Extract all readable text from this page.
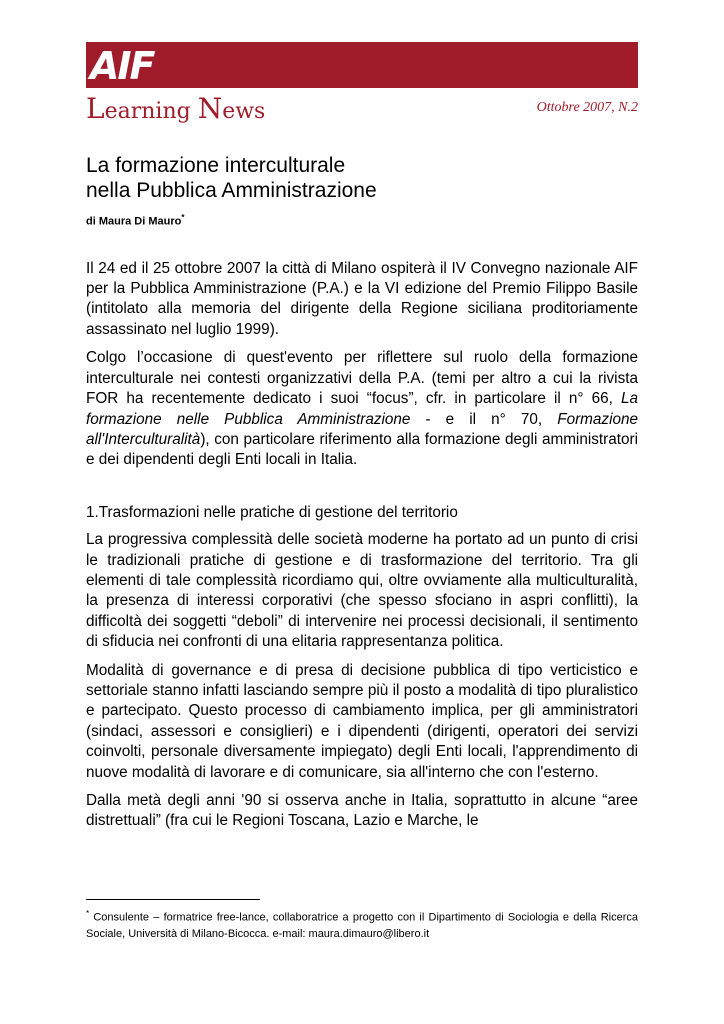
AIF
Learning News	Ottobre 2007, N.2
La formazione interculturale
nella Pubblica Amministrazione
di Maura Di Mauro*

Il 24 ed il 25 ottobre 2007 la città di Milano ospiterà il IV Convegno nazionale AIF per la Pubblica Amministrazione (P.A.) e la VI edizione del Premio Filippo Basile (intitolato alla memoria del dirigente della Regione siciliana proditoriamente assassinato nel luglio 1999).

Colgo l’occasione di quest'evento per riflettere sul ruolo della formazione interculturale nei contesti organizzativi della P.A. (temi per altro a cui la rivista FOR ha recentemente dedicato i suoi “focus”, cfr. in particolare il n° 66, La formazione nelle Pubblica Amministrazione - e il n° 70, Formazione all'Interculturalità), con particolare riferimento alla formazione degli amministratori e dei dipendenti degli Enti locali in Italia.

1.Trasformazioni nelle pratiche di gestione del territorio

La progressiva complessità delle società moderne ha portato ad un punto di crisi le tradizionali pratiche di gestione e di trasformazione del territorio. Tra gli elementi di tale complessità ricordiamo qui, oltre ovviamente alla multiculturalità, la presenza di interessi corporativi (che spesso sfociano in aspri conflitti), la difficoltà dei soggetti “deboli” di intervenire nei processi decisionali, il sentimento di sfiducia nei confronti di una elitaria rappresentanza politica.

Modalità di governance e di presa di decisione pubblica di tipo verticistico e settoriale stanno infatti lasciando sempre più il posto a modalità di tipo pluralistico e partecipato. Questo processo di cambiamento implica, per gli amministratori (sindaci, assessori e consiglieri) e i dipendenti (dirigenti, operatori dei servizi coinvolti, personale diversamente impiegato) degli Enti locali, l'apprendimento di nuove modalità di lavorare e di comunicare, sia all'interno che con l'esterno.

Dalla metà degli anni '90 si osserva anche in Italia, soprattutto in alcune “aree distrettuali” (fra cui le Regioni Toscana, Lazio e Marche, le

* Consulente – formatrice free-lance, collaboratrice a progetto con il Dipartimento di Sociologia e della Ricerca Sociale, Università di Milano-Bicocca. e-mail: maura.dimauro@libero.it
